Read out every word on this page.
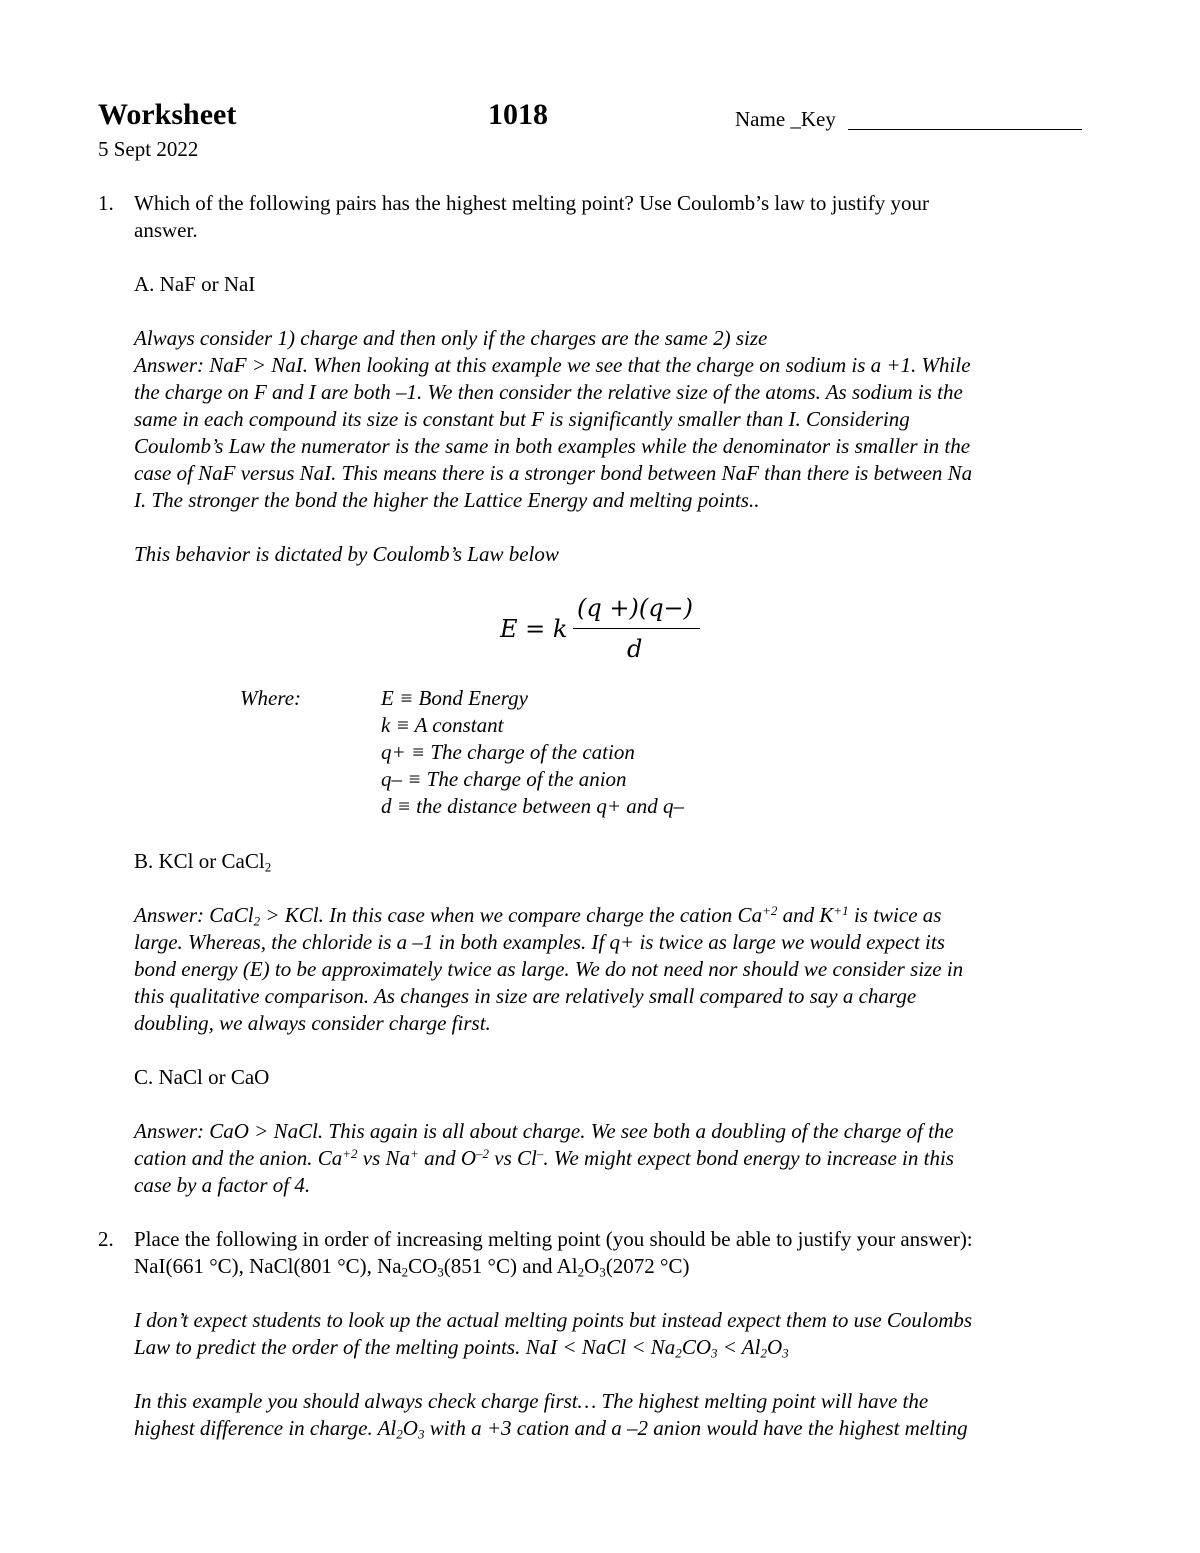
Worksheet	1018	Name _Key
5 Sept 2022
1. Which of the following pairs has the highest melting point? Use Coulomb’s law to justify your
answer.
A. NaF or NaI
Always consider 1) charge and then only if the charges are the same 2) size
Answer: NaF > NaI. When looking at this example we see that the charge on sodium is a +1. While
the charge on F and I are both –1. We then consider the relative size of the atoms. As sodium is the
same in each compound its size is constant but F is significantly smaller than I. Considering
Coulomb’s Law the numerator is the same in both examples while the denominator is smaller in the
case of NaF versus NaI. This means there is a stronger bond between NaF than there is between Na
I. The stronger the bond the higher the Lattice Energy and melting points..
This behavior is dictated by Coulomb’s Law below
E = k
(q +)(q−)
d
Where:	E ≡ Bond Energy
k ≡ A constant
q+ ≡ The charge of the cation
q– ≡ The charge of the anion
d ≡ the distance between q+ and q–
B. KCl or CaCl$_2$
Answer: CaCl$_2$ > KCl. In this case when we compare charge the cation $Ca^{+2}$ and $K^{+1}$ is twice as
large. Whereas, the chloride is a –1 in both examples. If q+ is twice as large we would expect its
bond energy (E) to be approximately twice as large. We do not need nor should we consider size in
this qualitative comparison. As changes in size are relatively small compared to say a charge
doubling, we always consider charge first.
C. NaCl or CaO
Answer: CaO > NaCl. This again is all about charge. We see both a doubling of the charge of the
cation and the anion. $Ca^{+2}$ vs Na+ and $O^{-2}$ vs Cl–. We might expect bond energy to increase in this
case by a factor of 4.
2. Place the following in order of increasing melting point (you should be able to justify your answer):
NaI(661 °C), NaCl(801 °C), $Na_2CO_3(851$ °C) and $Al_2O_3(2072$ °C)
I don’t expect students to look up the actual melting points but instead expect them to use Coulombs
Law to predict the order of the melting points. NaI < NaCl < $Na_2CO_3 < Al_2O_3$
In this example you should always check charge first… The highest melting point will have the
highest difference in charge. $Al_2O_3$ with a +3 cation and a –2 anion would have the highest melting
